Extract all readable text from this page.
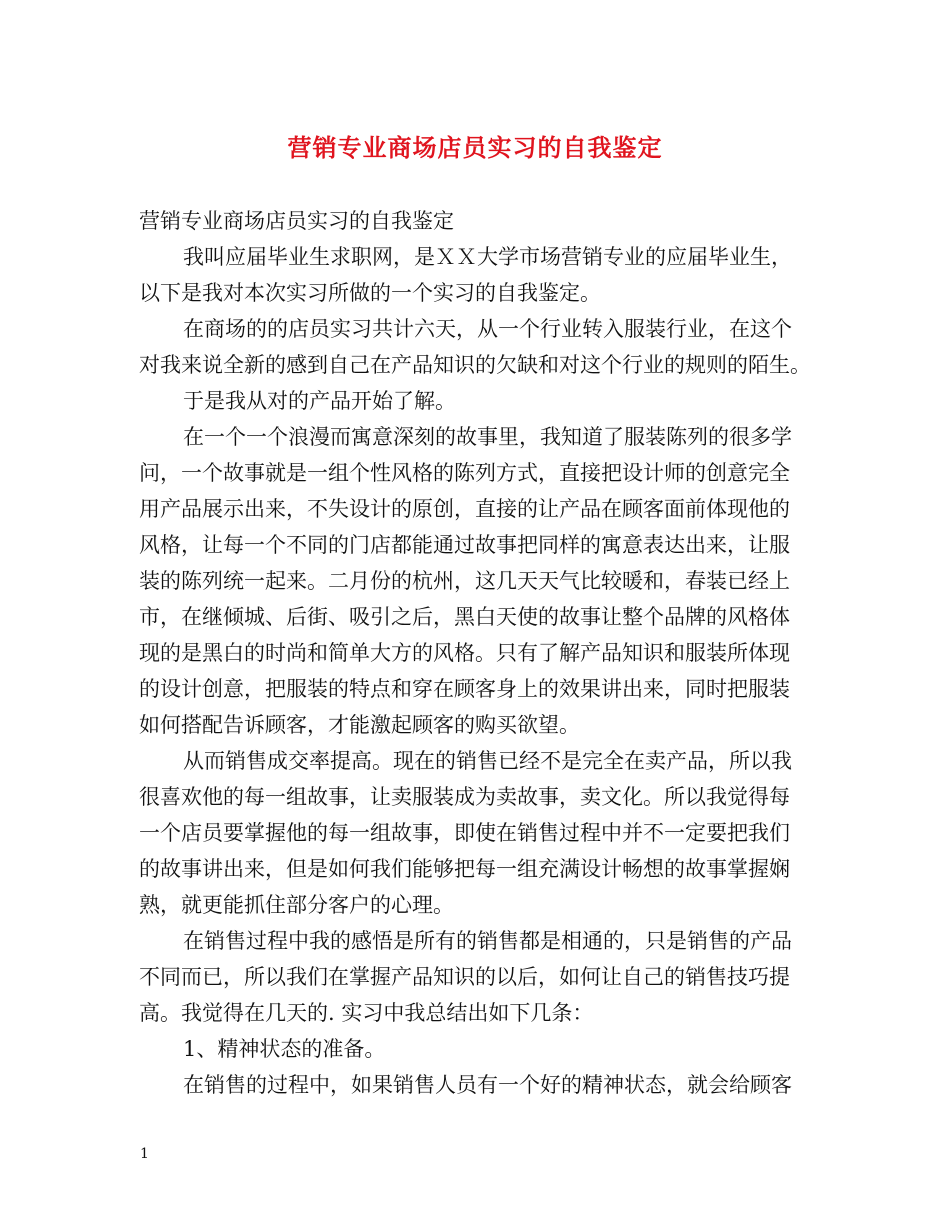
营销专业商场店员实习的自我鉴定
营销专业商场店员实习的自我鉴定
我叫应届毕业生求职网，是ＸＸ大学市场营销专业的应届毕业生，
以下是我对本次实习所做的一个实习的自我鉴定。
在商场的的店员实习共计六天，从一个行业转入服装行业，在这个
对我来说全新的感到自己在产品知识的欠缺和对这个行业的规则的陌生。
于是我从对的产品开始了解。
在一个一个浪漫而寓意深刻的故事里，我知道了服装陈列的很多学
问，一个故事就是一组个性风格的陈列方式，直接把设计师的创意完全
用产品展示出来，不失设计的原创，直接的让产品在顾客面前体现他的
风格，让每一个不同的门店都能通过故事把同样的寓意表达出来，让服
装的陈列统一起来。二月份的杭州，这几天天气比较暖和，春装已经上
市，在继倾城、后街、吸引之后，黑白天使的故事让整个品牌的风格体
现的是黑白的时尚和简单大方的风格。只有了解产品知识和服装所体现
的设计创意，把服装的特点和穿在顾客身上的效果讲出来，同时把服装
如何搭配告诉顾客，才能激起顾客的购买欲望。
从而销售成交率提高。现在的销售已经不是完全在卖产品，所以我
很喜欢他的每一组故事，让卖服装成为卖故事，卖文化。所以我觉得每
一个店员要掌握他的每一组故事，即使在销售过程中并不一定要把我们
的故事讲出来，但是如何我们能够把每一组充满设计畅想的故事掌握娴
熟，就更能抓住部分客户的心理。
在销售过程中我的感悟是所有的销售都是相通的，只是销售的产品
不同而已，所以我们在掌握产品知识的以后，如何让自己的销售技巧提
高。我觉得在几天的. 实习中我总结出如下几条：
1、精神状态的准备。
在销售的过程中，如果销售人员有一个好的精神状态，就会给顾客
1
